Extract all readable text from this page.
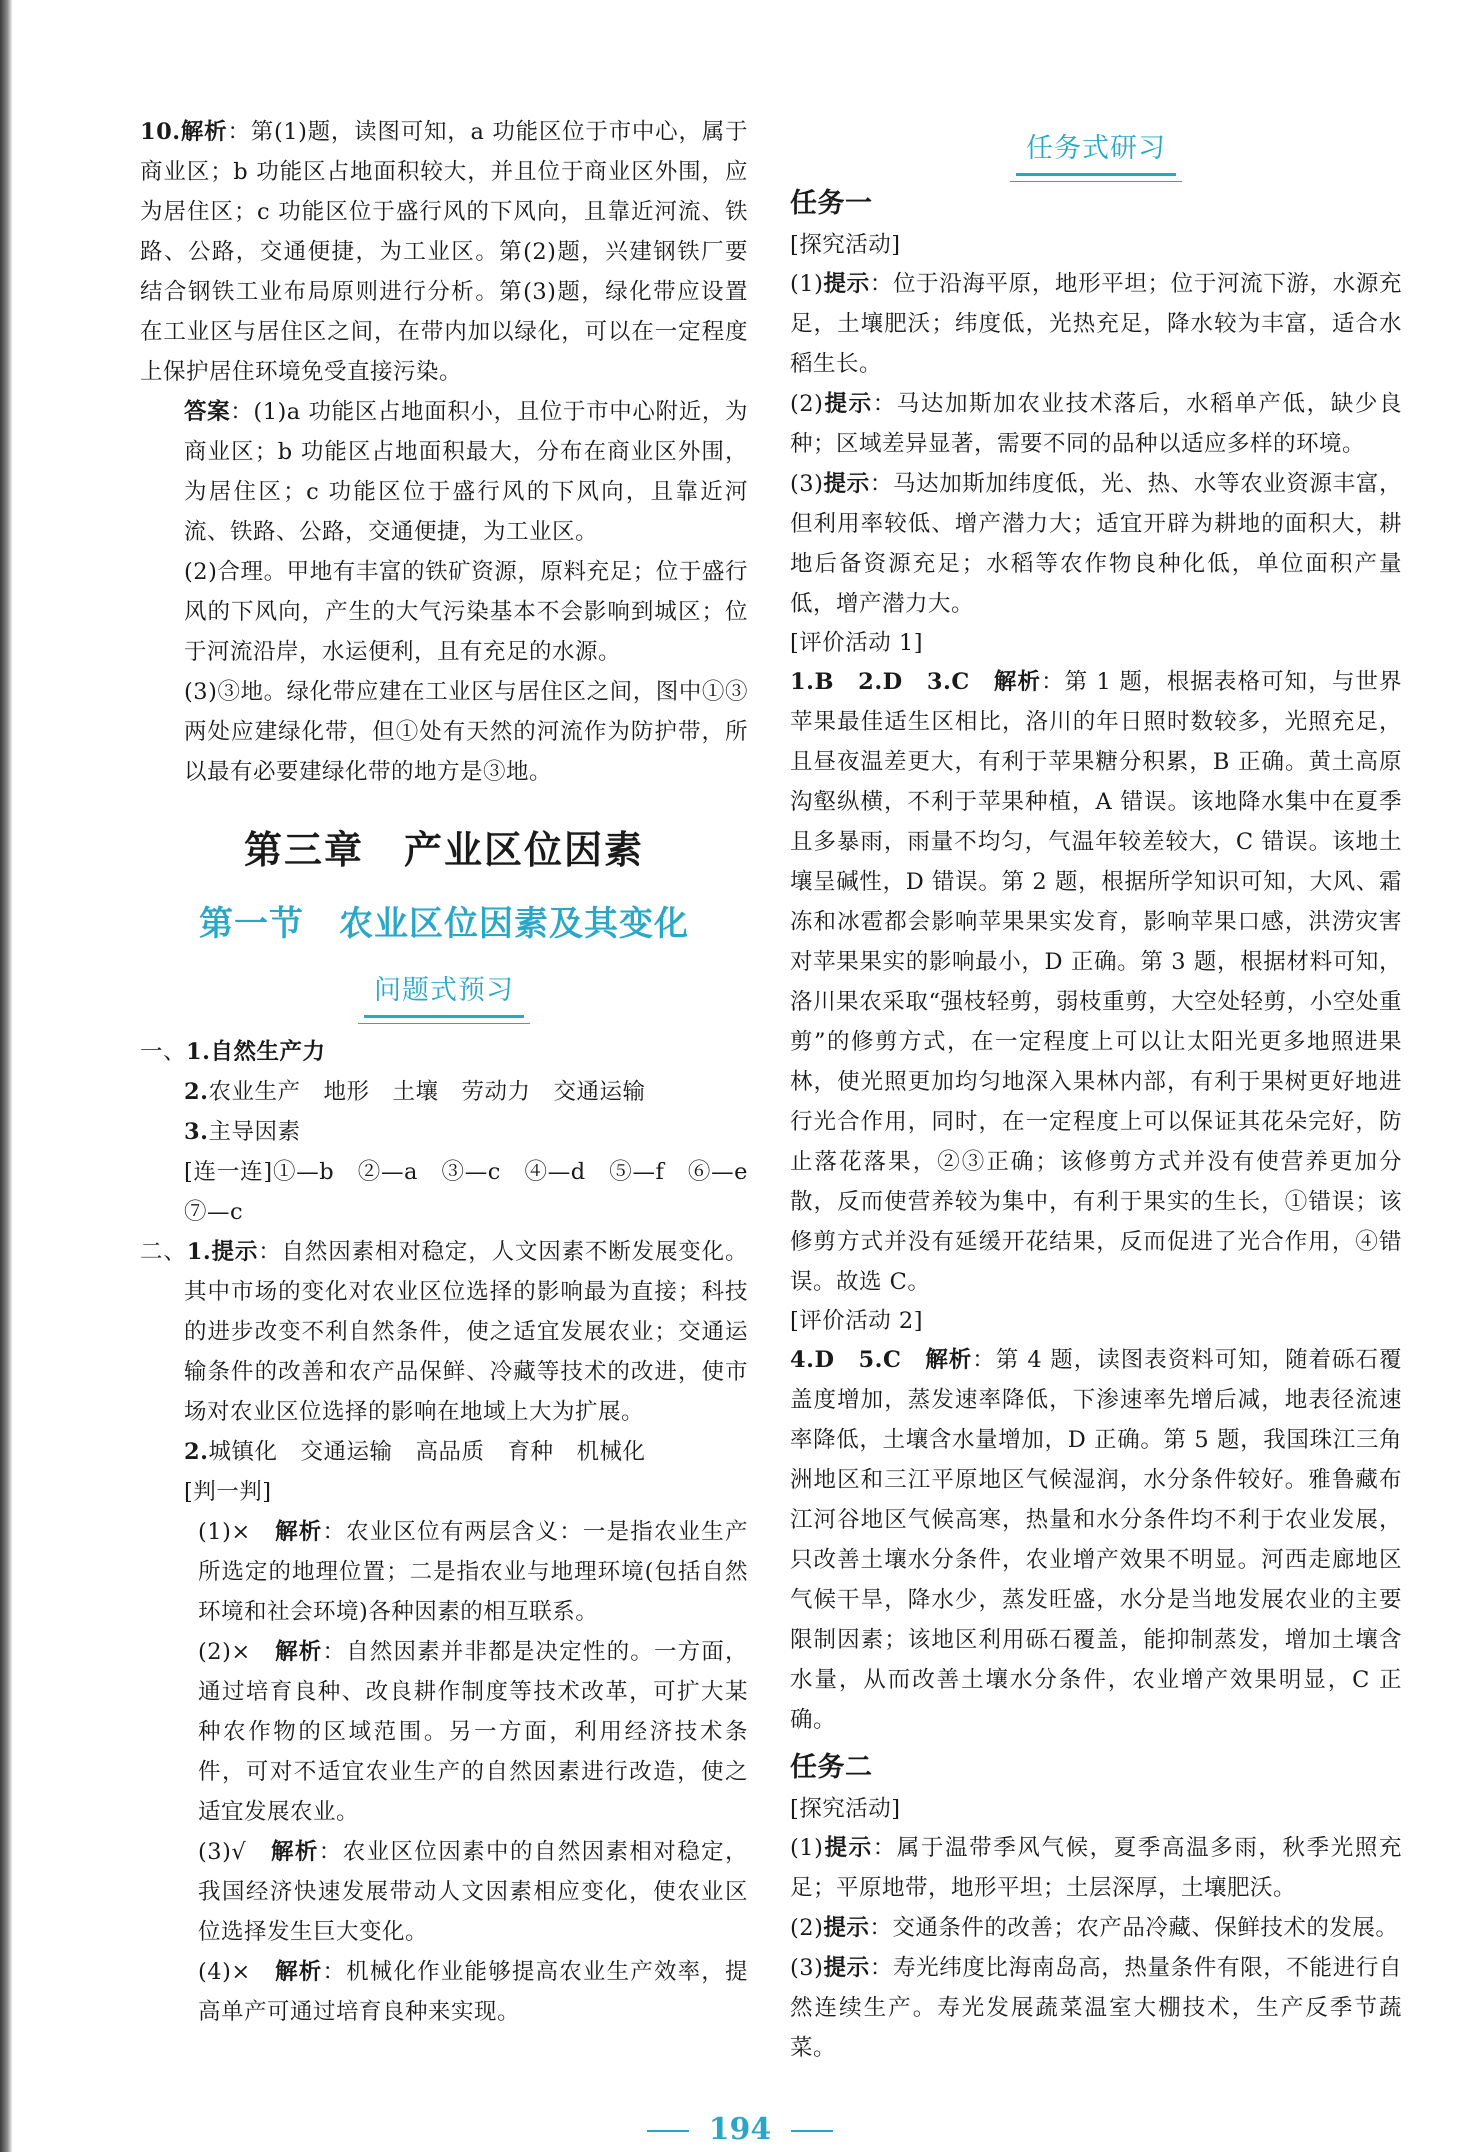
10.解析：第(1)题，读图可知，a 功能区位于市中心，属于商业区；b 功能区占地面积较大，并且位于商业区外围，应为居住区；c 功能区位于盛行风的下风向，且靠近河流、铁路、公路，交通便捷，为工业区。第(2)题，兴建钢铁厂要结合钢铁工业布局原则进行分析。第(3)题，绿化带应设置在工业区与居住区之间，在带内加以绿化，可以在一定程度上保护居住环境免受直接污染。

答案：(1)a 功能区占地面积小，且位于市中心附近，为商业区；b 功能区占地面积最大，分布在商业区外围，为居住区；c 功能区位于盛行风的下风向，且靠近河流、铁路、公路，交通便捷，为工业区。

(2)合理。甲地有丰富的铁矿资源，原料充足；位于盛行风的下风向，产生的大气污染基本不会影响到城区；位于河流沿岸，水运便利，且有充足的水源。

(3)③地。绿化带应建在工业区与居住区之间，图中①③两处应建绿化带，但①处有天然的河流作为防护带，所以最有必要建绿化带的地方是③地。

第三章　产业区位因素
第一节　农业区位因素及其变化
问题式预习

一、1.自然生产力

2.农业生产　地形　土壤　劳动力　交通运输

3.主导因素

[连一连]①—b　②—a　③—c　④—d　⑤—f　⑥—e　⑦—c

二、1.提示：自然因素相对稳定，人文因素不断发展变化。其中市场的变化对农业区位选择的影响最为直接；科技的进步改变不利自然条件，使之适宜发展农业；交通运输条件的改善和农产品保鲜、冷藏等技术的改进，使市场对农业区位选择的影响在地域上大为扩展。

2.城镇化　交通运输　高品质　育种　机械化

[判一判]

(1)×　解析：农业区位有两层含义：一是指农业生产所选定的地理位置；二是指农业与地理环境(包括自然环境和社会环境)各种因素的相互联系。

(2)×　解析：自然因素并非都是决定性的。一方面，通过培育良种、改良耕作制度等技术改革，可扩大某种农作物的区域范围。另一方面，利用经济技术条件，可对不适宜农业生产的自然因素进行改造，使之适宜发展农业。

(3)√　解析：农业区位因素中的自然因素相对稳定，我国经济快速发展带动人文因素相应变化，使农业区位选择发生巨大变化。

(4)×　解析：机械化作业能够提高农业生产效率，提高单产可通过培育良种来实现。

任务式研习

任务一

[探究活动]

(1)提示：位于沿海平原，地形平坦；位于河流下游，水源充足，土壤肥沃；纬度低，光热充足，降水较为丰富，适合水稻生长。

(2)提示：马达加斯加农业技术落后，水稻单产低，缺少良种；区域差异显著，需要不同的品种以适应多样的环境。

(3)提示：马达加斯加纬度低，光、热、水等农业资源丰富，但利用率较低、增产潜力大；适宜开辟为耕地的面积大，耕地后备资源充足；水稻等农作物良种化低，单位面积产量低，增产潜力大。

[评价活动 1]

1.B　2.D　3.C　解析：第 1 题，根据表格可知，与世界苹果最佳适生区相比，洛川的年日照时数较多，光照充足，且昼夜温差更大，有利于苹果糖分积累，B 正确。黄土高原沟壑纵横，不利于苹果种植，A 错误。该地降水集中在夏季且多暴雨，雨量不均匀，气温年较差较大，C 错误。该地土壤呈碱性，D 错误。第 2 题，根据所学知识可知，大风、霜冻和冰雹都会影响苹果果实发育，影响苹果口感，洪涝灾害对苹果果实的影响最小，D 正确。第 3 题，根据材料可知，洛川果农采取“强枝轻剪，弱枝重剪，大空处轻剪，小空处重剪”的修剪方式，在一定程度上可以让太阳光更多地照进果林，使光照更加均匀地深入果林内部，有利于果树更好地进行光合作用，同时，在一定程度上可以保证其花朵完好，防止落花落果，②③正确；该修剪方式并没有使营养更加分散，反而使营养较为集中，有利于果实的生长，①错误；该修剪方式并没有延缓开花结果，反而促进了光合作用，④错误。故选 C。

[评价活动 2]

4.D　5.C　解析：第 4 题，读图表资料可知，随着砾石覆盖度增加，蒸发速率降低，下渗速率先增后减，地表径流速率降低，土壤含水量增加，D 正确。第 5 题，我国珠江三角洲地区和三江平原地区气候湿润，水分条件较好。雅鲁藏布江河谷地区气候高寒，热量和水分条件均不利于农业发展，只改善土壤水分条件，农业增产效果不明显。河西走廊地区气候干旱，降水少，蒸发旺盛，水分是当地发展农业的主要限制因素；该地区利用砾石覆盖，能抑制蒸发，增加土壤含水量，从而改善土壤水分条件，农业增产效果明显，C 正确。

任务二

[探究活动]

(1)提示：属于温带季风气候，夏季高温多雨，秋季光照充足；平原地带，地形平坦；土层深厚，土壤肥沃。

(2)提示：交通条件的改善；农产品冷藏、保鲜技术的发展。

(3)提示：寿光纬度比海南岛高，热量条件有限，不能进行自然连续生产。寿光发展蔬菜温室大棚技术，生产反季节蔬菜。

194
